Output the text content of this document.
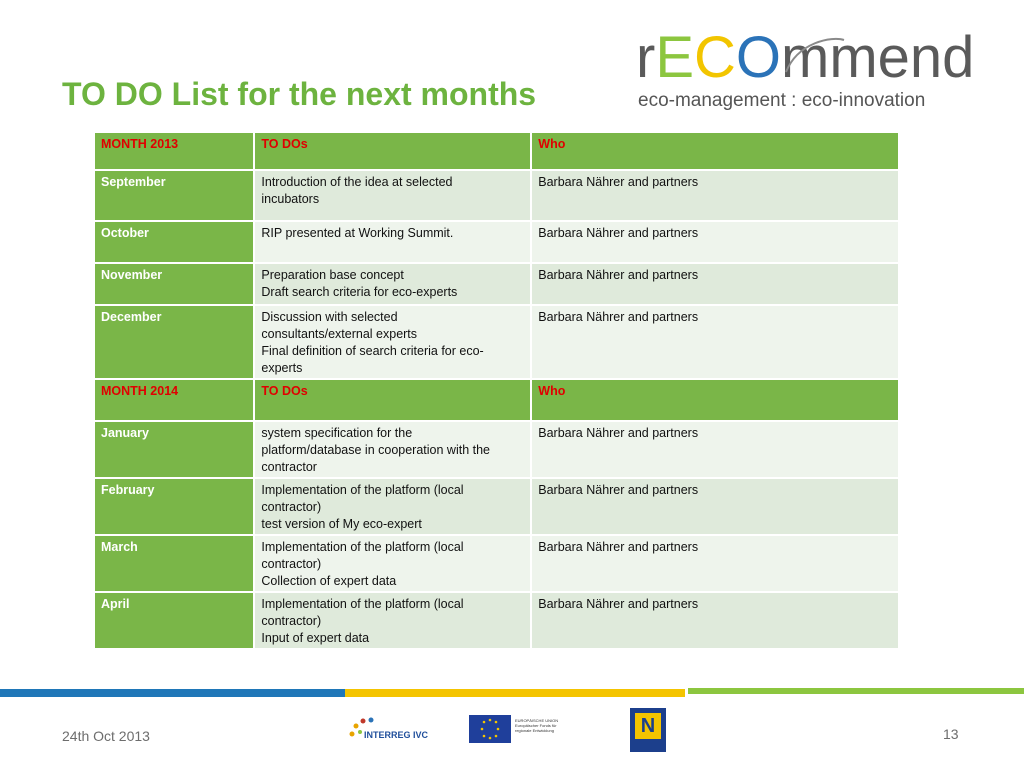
TO DO List for the next months
rECOmmend
eco-management : eco-innovation
MONTH 2013	TO DOs	Who
September	Introduction of the idea at selected
incubators	Barbara Nährer and partners
October	RIP presented at Working Summit.	Barbara Nährer and partners
November	Preparation base concept
Draft search criteria for eco-experts	Barbara Nährer and partners
December	Discussion with selected
consultants/external experts
Final definition of search criteria for eco-
experts	Barbara Nährer and partners
MONTH 2014	TO DOs	Who
January	system specification for the
platform/database in cooperation with the
contractor	Barbara Nährer and partners
February	Implementation of the platform (local
contractor)
test version of My eco-expert	Barbara Nährer and partners
March	Implementation of the platform (local
contractor)
Collection of expert data	Barbara Nährer and partners
April	Implementation of the platform (local
contractor)
Input of expert data	Barbara Nährer and partners
24th Oct 2013	13
INTERREG IVC
EUROPÄISCHE UNION
Europäischer Fonds für
regionale Entwicklung	N
